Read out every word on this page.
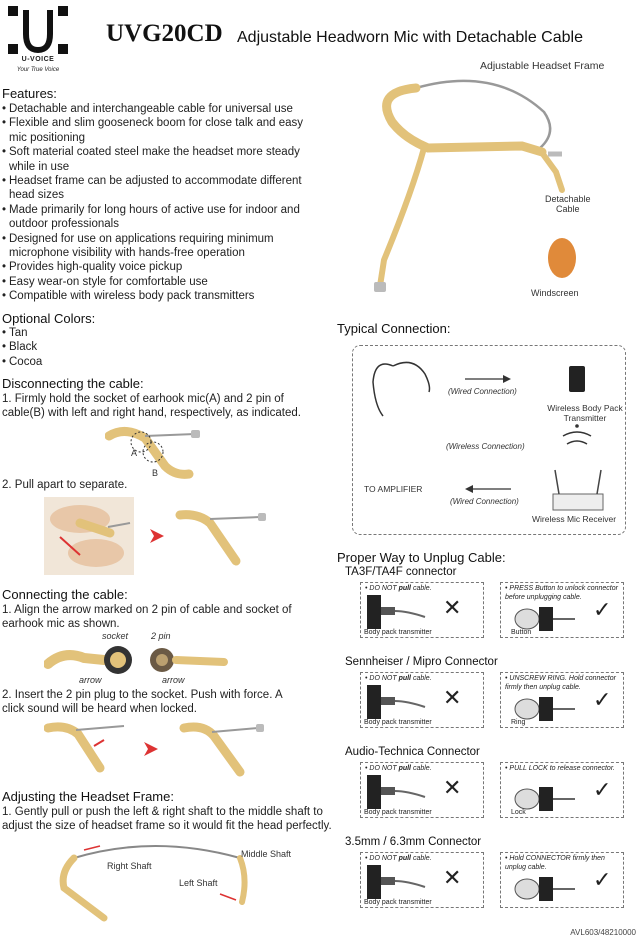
U-VOICE
Your True Voice
UVG20CD Adjustable Headworn Mic with Detachable Cable
Features:
• Detachable and interchangeable cable for universal use
• Flexible and slim gooseneck boom for close talk and easy mic positioning
• Soft material coated steel make the headset more steady while in use
• Headset frame can be adjusted to accommodate different head sizes
• Made primarily for long hours of active use for indoor and outdoor professionals
• Designed for use on applications requiring minimum microphone visibility with hands-free operation
• Provides high-quality voice pickup
• Easy wear-on style for comfortable use
• Compatible with wireless body pack transmitters
Optional Colors:
• Tan
• Black
• Cocoa
Disconnecting the cable:
1. Firmly hold the socket of earhook mic(A) and 2 pin of cable(B) with left and right hand, respectively, as indicated.
A
B
2. Pull apart to separate.
Connecting the cable:
1. Align the arrow marked on 2 pin of cable and socket of earhook mic as shown.
socket	2 pin
arrow	arrow
2. Insert the 2 pin plug to the socket. Push with force. A click sound will be heard when locked.
Adjusting the Headset Frame:
1. Gently pull or push the left & right shaft to the middle shaft to adjust the size of headset frame so it would fit the head perfectly.
Right Shaft
Middle Shaft
Left Shaft
Adjustable Headset Frame
Detachable
Cable
Windscreen
Typical Connection:
(Wired Connection)
Wireless Body Pack
Transmitter
(Wireless Connection)
TO AMPLIFIER
(Wired Connection)
Wireless Mic Receiver
Proper Way to Unplug Cable:
TA3F/TA4F connector
• DO NOT pull cable.
✕
Body pack transmitter
• PRESS Button to unlock connector before unplugging cable. ✓
Button
Sennheiser / Mipro Connector
• DO NOT pull cable.
✕
Body pack transmitter
• UNSCREW RING. Hold connector firmly then unplug cable. ✓
Ring
Audio-Technica Connector
• DO NOT pull cable.
✕
Body pack transmitter
• PULL LOCK to release connector.
✓
Lock
3.5mm / 6.3mm Connector
• DO NOT pull cable.
✕
Body pack transmitter
• Hold CONNECTOR firmly then unplug cable.	✓
AVL603/48210000
